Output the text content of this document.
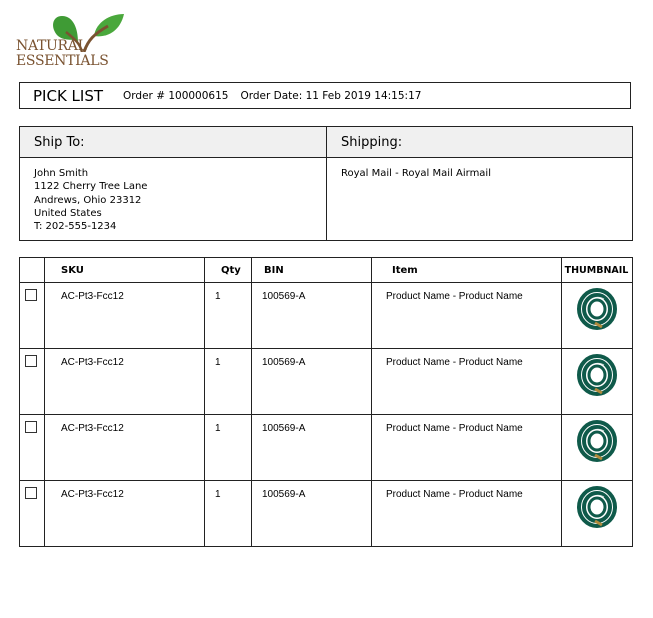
NATURAL
ESSENTIALS
PICK LIST Order # 100000615 Order Date: 11 Feb 2019 14:15:17
Ship To:
John Smith
1122 Cherry Tree Lane
Andrews, Ohio 23312
United States
T: 202-555-1234
Shipping:
Royal Mail - Royal Mail Airmail
	SKU	Qty	BIN	Item	THUMBNAIL
	AC-Pt3-Fcc12	1	100569-A	Product Name - Product Name	
	AC-Pt3-Fcc12	1	100569-A	Product Name - Product Name	
	AC-Pt3-Fcc12	1	100569-A	Product Name - Product Name	
	AC-Pt3-Fcc12	1	100569-A	Product Name - Product Name	
